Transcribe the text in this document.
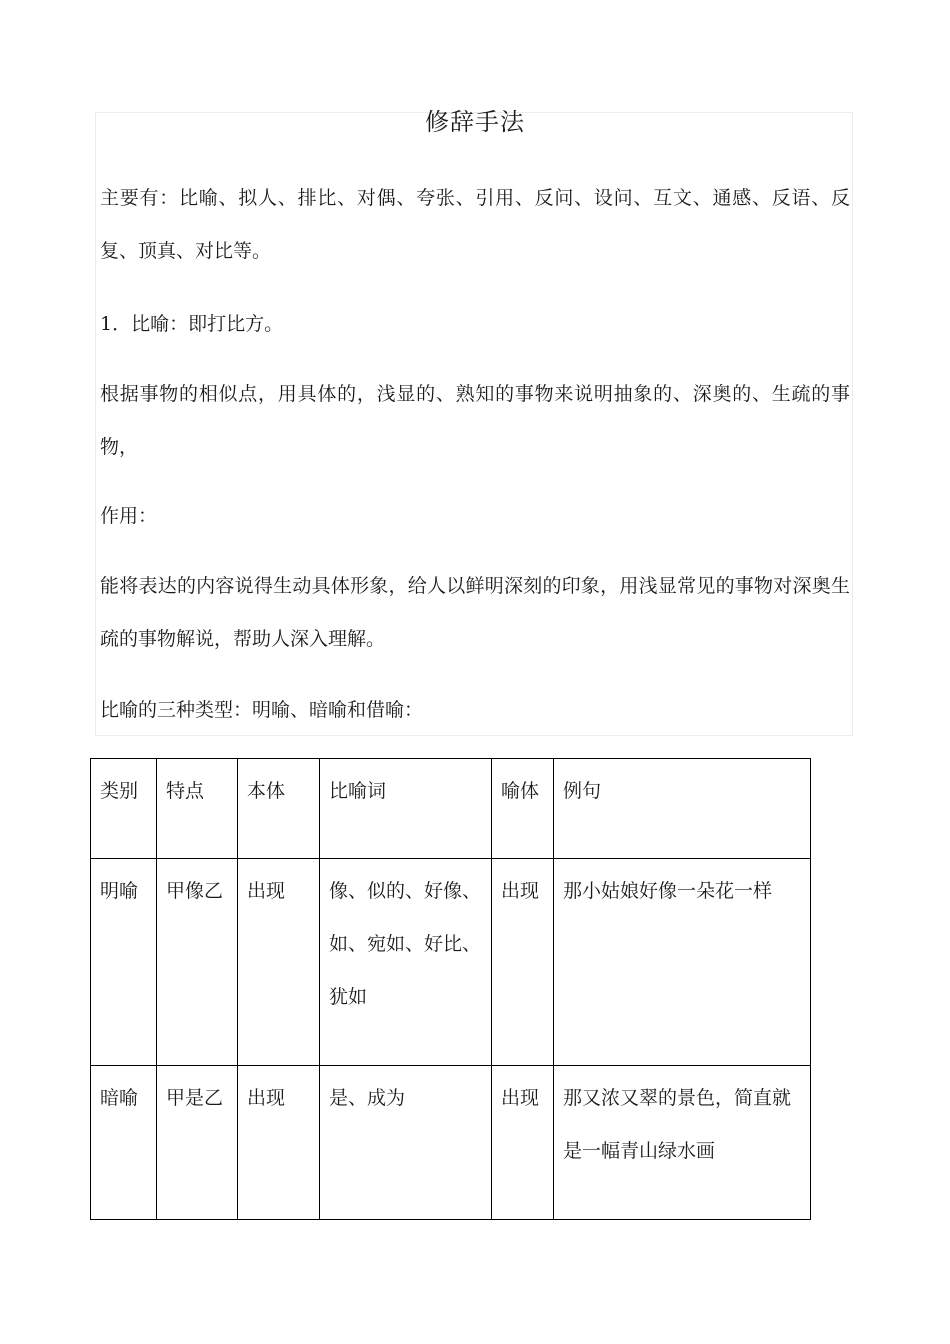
修辞手法

主要有：比喻、拟人、排比、对偶、夸张、引用、反问、设问、互文、通感、反语、反复、顶真、对比等。

1．比喻：即打比方。

根据事物的相似点，用具体的，浅显的、熟知的事物来说明抽象的、深奥的、生疏的事物，

作用：

能将表达的内容说得生动具体形象，给人以鲜明深刻的印象，用浅显常见的事物对深奥生疏的事物解说，帮助人深入理解。

比喻的三种类型：明喻、暗喻和借喻：

类别	特点	本体	比喻词	喻体	例句

明喻	甲像乙	出现	像、似的、好像、如、宛如、好比、犹如	出现	那小姑娘好像一朵花一样

暗喻	甲是乙	出现	是、成为	出现	那又浓又翠的景色，简直就是一幅青山绿水画
